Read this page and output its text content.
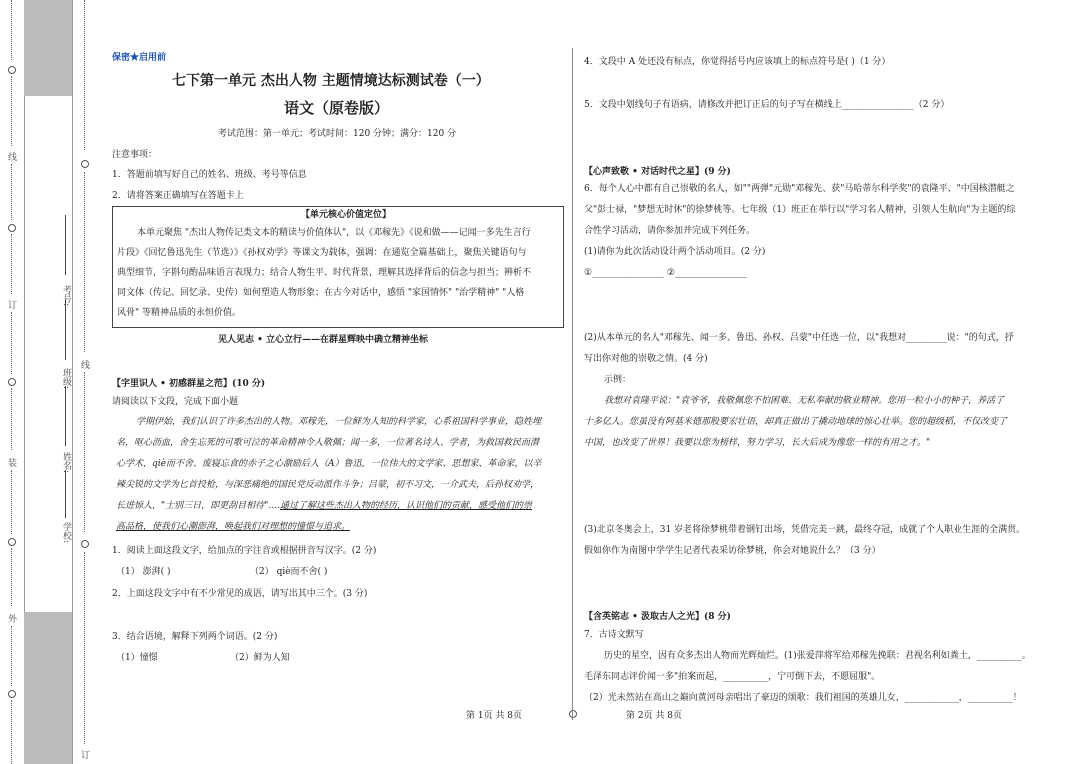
线
订
装
外
考号:
班级:
姓名:
学校:
线
订
保密★启用前
七下第一单元 杰出人物 主题情境达标测试卷（一）
语文（原卷版）
考试范围：第一单元；考试时间：120 分钟；满分：120 分
注意事项：
1．答题前填写好自己的姓名、班级、考号等信息
2．请将答案正确填写在答题卡上
【单元核心价值定位】
本单元聚焦 "杰出人物传记类文本的精读与价值体认"，以《邓稼先》《说和做——记闻一多先生言行
片段》《回忆鲁迅先生（节选）》《孙权劝学》等课文为载体，强调：在通览全篇基础上，聚焦关键语句与
典型细节，字斟句酌品味语言表现力；结合人物生平、时代背景，理解其选择背后的信念与担当；辨析不
同文体（传记、回忆录、史传）如何塑造人物形象；在古今对话中，感悟 "家国情怀" "治学精神" "人格
风骨" 等精神品质的永恒价值。
见人见志 • 立心立行——在群星辉映中确立精神坐标
【字里识人 • 初感群星之范】(10 分)
请阅读以下文段，完成下面小题
学期伊始，我们认识了许多杰出的人物。邓稼先，一位鲜为人知的科学家，心系祖国科学事业，隐姓埋
名，呕心沥血，舍生忘死的可歌可泣的革命精神令人敬佩；闻一多，一位著名诗人、学者，为救国救民而潜
心学术，qiè而不舍、废寝忘食的赤子之心激励后人（A）鲁迅，一位伟大的文学家、思想家、革命家，以辛
辣尖锐的文学为匕首投枪，与深恶痛绝的国民党反动派作斗争；吕蒙，初不习文，一介武夫，后孙权劝学，
长进惊人，"士别三日，即更刮目相待"……
通过了解这些杰出人物的经历，认识他们的贡献，感受他们的崇
高品格，使我们心潮澎湃，唤起我们对理想的憧憬与追求。
1．阅读上面这段文字，给加点的字注音或根据拼音写汉字。(2 分)
（1） 澎湃( )	（2） qiè而不舍( )
2．上面这段文字中有不少常见的成语，请写出其中三个。(3 分)
3．结合语境，解释下列两个词语。(2 分)
（1）憧憬	（2）鲜为人知
第 1页 共 8页
4．文段中 A 处还没有标点，你觉得括号内应该填上的标点符号是( )（1 分）
5．文段中划线句子有语病，请修改并把订正后的句子写在横线上________________（2 分）
【心声致敬 • 对话时代之星】(9 分)
6．每个人心中都有自己崇敬的名人，如""两弹"元勋"邓稼先、获"马哈蒂尔科学奖"的袁隆平、"中国核潜艇之
父"彭士禄，"梦想无时休"的徐梦桃等。七年级（1）班正在举行以"学习名人精神，引领人生航向"为主题的综
合性学习活动，请你参加并完成下列任务。
(1)请你为此次活动设计两个活动项目。(2 分)
①________________ ②________________
(2)从本单元的名人"邓稼先、闻一多、鲁迅、孙权、吕蒙"中任选一位，以"我想对_________说："的句式，抒
写出你对他的崇敬之情。(4 分)
示例：
我想对袁隆平说："袁爷爷，我敬佩您不怕困难、无私奉献的敬业精神。您用一粒小小的种子，养活了
十多亿人。您虽没有阿基米德那般要宏壮语，却真正做出了撬动地球的惊心壮举。您的超级稻，不仅改变了
中国，也改变了世界！我要以您为榜样，努力学习，长大后成为像您一样的有用之才。"
(3)北京冬奥会上，31 岁老将徐梦桃带着钢钉出场，凭借完美一跳，最终夺冠，成就了个人职业生涯的全满贯。
假如你作为南图中学学生记者代表采访徐梦桃，你会对她说什么？（3 分）
【含英铭志 • 汲取古人之光】(8 分)
7．古诗文默写
历史的星空，因有众多杰出人物而光辉灿烂。(1)张爱萍将军给邓稼先挽联：君视名利如粪土，__________。
毛泽东同志评价闻一多"拍案而起，__________，宁可倒下去，不愿屈服"。
（2）光未然站在高山之巅向黄河母亲唱出了豪迈的颂歌：我们祖国的英雄儿女，____________，__________！
第 2页 共 8页
